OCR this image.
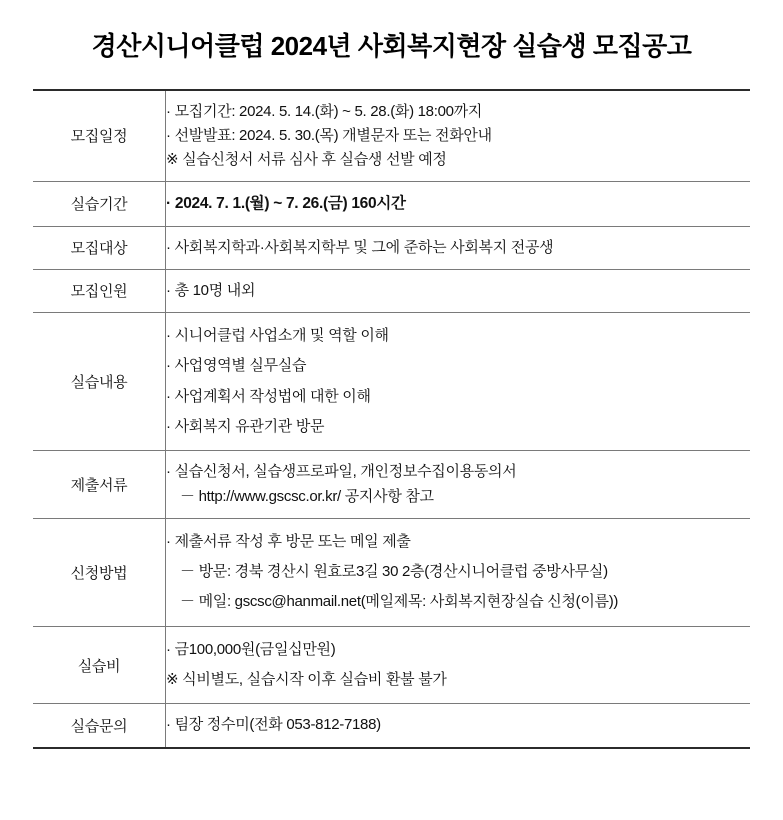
경산시니어클럽 2024년 사회복지현장 실습생 모집공고
모집일정	· 모집기간: 2024. 5. 14.(화) ~ 5. 28.(화) 18:00까지
· 선발발표: 2024. 5. 30.(목) 개별문자 또는 전화안내
※ 실습신청서 서류 심사 후 실습생 선발 예정

실습기간	· 2024. 7. 1.(월) ~ 7. 26.(금) 160시간

모집대상	· 사회복지학과·사회복지학부 및 그에 준하는 사회복지 전공생

모집인원	· 총 10명 내외

실습내용	· 시니어클럽 사업소개 및 역할 이해
· 사업영역별 실무실습
· 사업계획서 작성법에 대한 이해
· 사회복지 유관기관 방문

제출서류	· 실습신청서, 실습생프로파일, 개인정보수집이용동의서
－ http://www.gscsc.or.kr/ 공지사항 참고

신청방법	· 제출서류 작성 후 방문 또는 메일 제출
－ 방문: 경북 경산시 원효로3길 30 2층(경산시니어클럽 중방사무실)
－ 메일: gscsc@hanmail.net(메일제목: 사회복지현장실습 신청(이름))

실습비	· 금100,000원(금일십만원)
※ 식비별도, 실습시작 이후 실습비 환불 불가

실습문의	· 팀장 정수미(전화 053-812-7188)
